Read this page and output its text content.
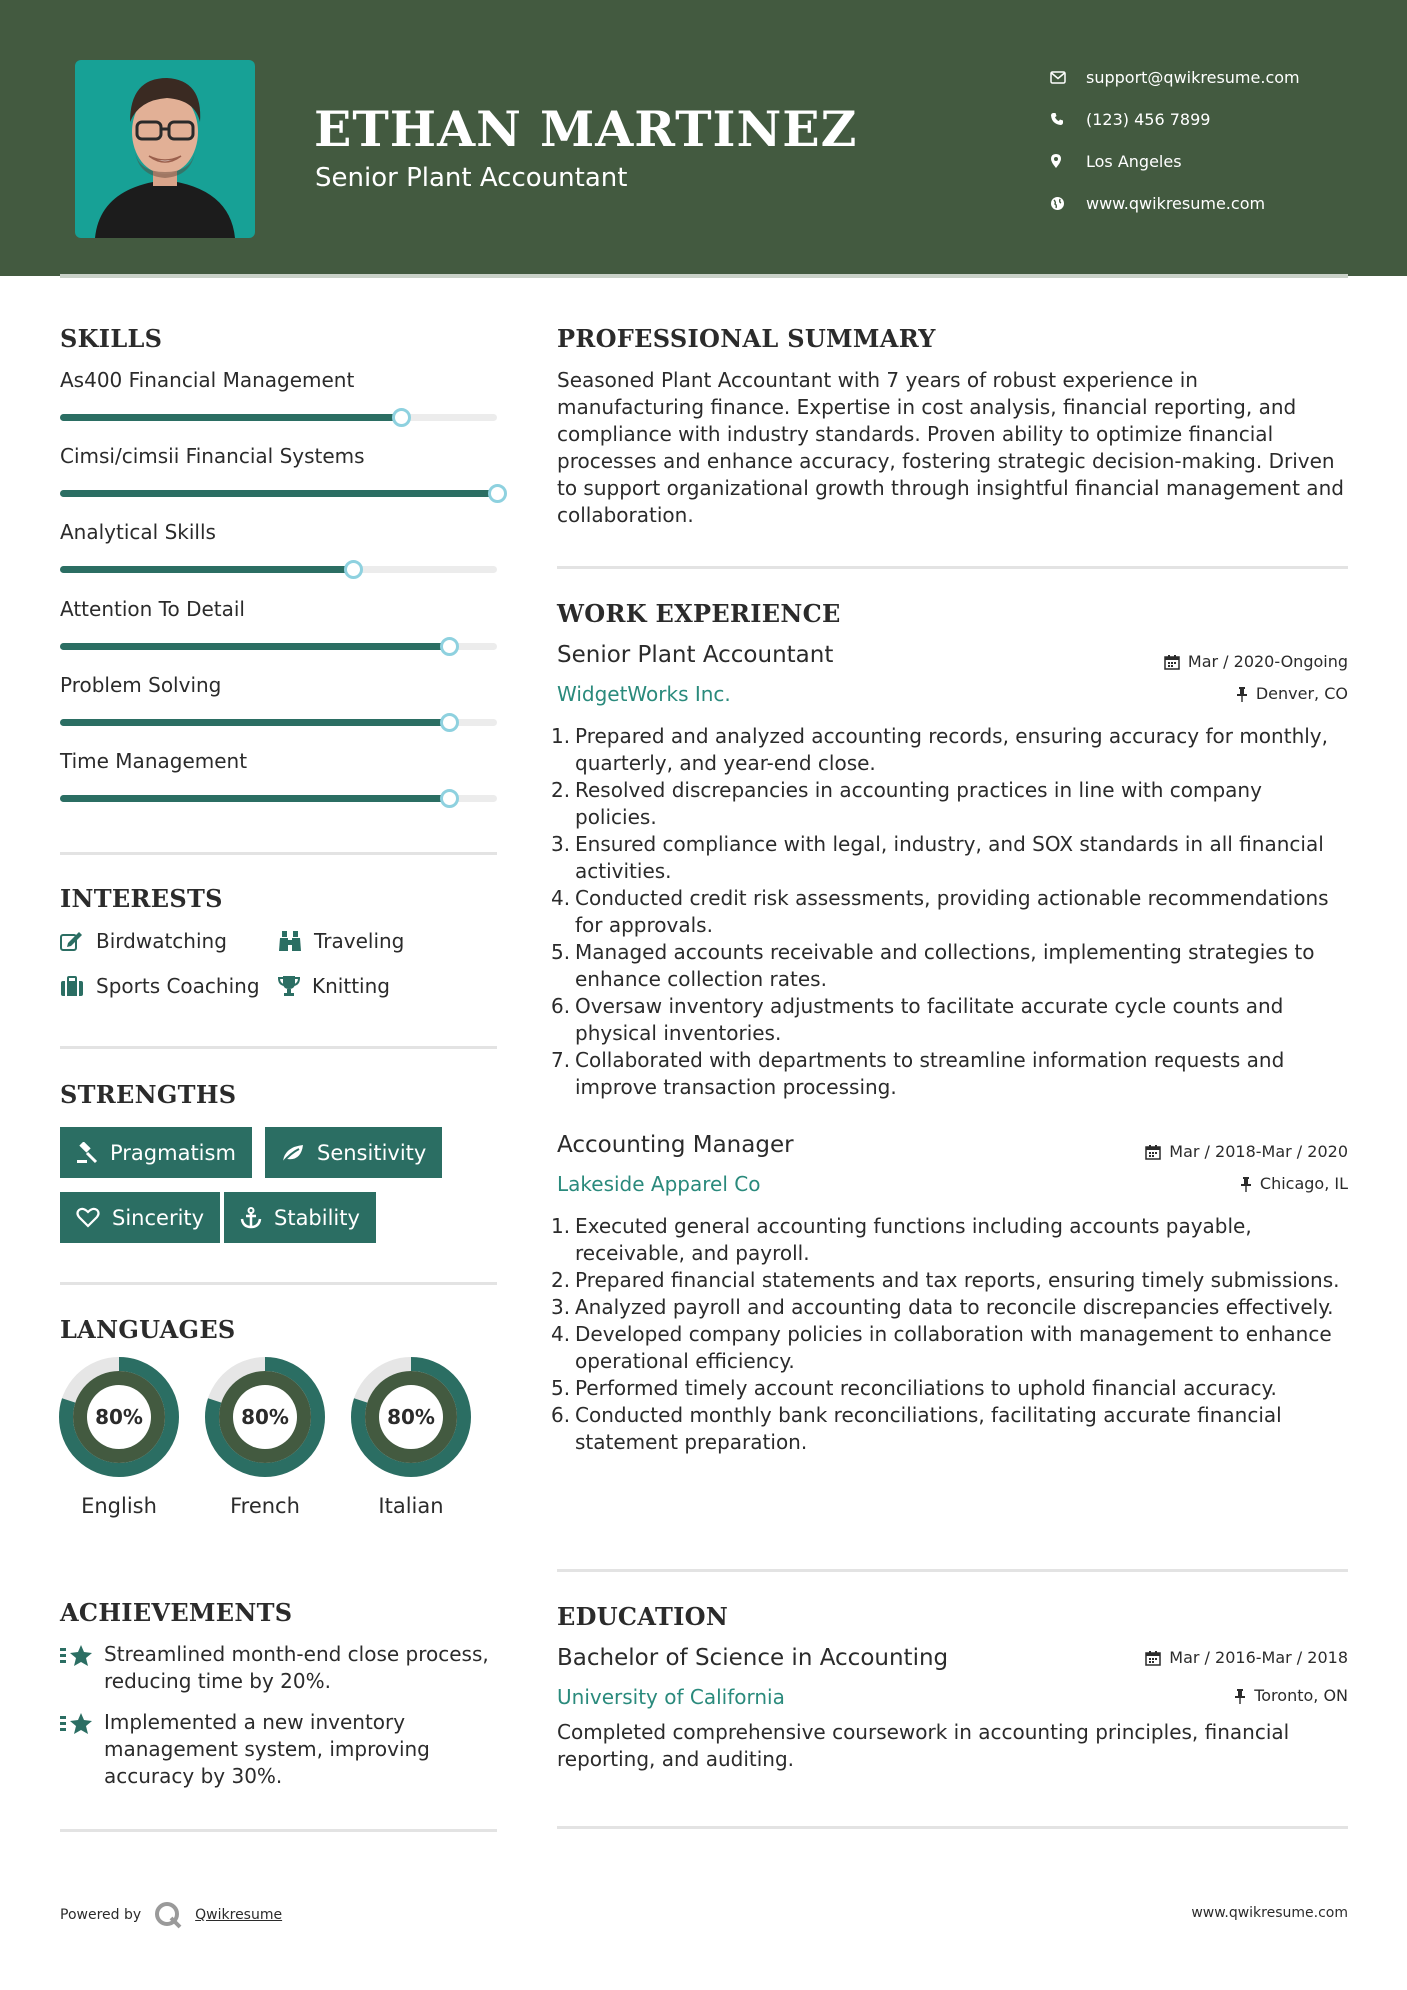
ETHAN MARTINEZ
Senior Plant Accountant
support@qwikresume.com
(123) 456 7899
Los Angeles
www.qwikresume.com
SKILLS
As400 Financial Management
Cimsi/cimsii Financial Systems
Analytical Skills
Attention To Detail
Problem Solving
Time Management
INTERESTS
Birdwatching	Traveling
Sports Coaching	Knitting
STRENGTHS
Pragmatism	Sensitivity
Sincerity	Stability
LANGUAGES
80%
English
80%
French
80%
Italian
ACHIEVEMENTS
Streamlined month-end close process, reducing time by 20%.
Implemented a new inventory management system, improving accuracy by 30%.
PROFESSIONAL SUMMARY
Seasoned Plant Accountant with 7 years of robust experience in manufacturing finance. Expertise in cost analysis, financial reporting, and compliance with industry standards. Proven ability to optimize financial processes and enhance accuracy, fostering strategic decision-making. Driven to support organizational growth through insightful financial management and collaboration.
WORK EXPERIENCE
Senior Plant Accountant	Mar / 2020-Ongoing
WidgetWorks Inc.	Denver, CO
1. Prepared and analyzed accounting records, ensuring accuracy for monthly, quarterly, and year-end close.
2. Resolved discrepancies in accounting practices in line with company policies.
3. Ensured compliance with legal, industry, and SOX standards in all financial activities.
4. Conducted credit risk assessments, providing actionable recommendations for approvals.
5. Managed accounts receivable and collections, implementing strategies to enhance collection rates.
6. Oversaw inventory adjustments to facilitate accurate cycle counts and physical inventories.
7. Collaborated with departments to streamline information requests and improve transaction processing.
Accounting Manager	Mar / 2018-Mar / 2020
Lakeside Apparel Co	Chicago, IL
1. Executed general accounting functions including accounts payable, receivable, and payroll.
2. Prepared financial statements and tax reports, ensuring timely submissions.
3. Analyzed payroll and accounting data to reconcile discrepancies effectively.
4. Developed company policies in collaboration with management to enhance operational efficiency.
5. Performed timely account reconciliations to uphold financial accuracy.
6. Conducted monthly bank reconciliations, facilitating accurate financial statement preparation.
EDUCATION
Bachelor of Science in Accounting	Mar / 2016-Mar / 2018
University of California	Toronto, ON
Completed comprehensive coursework in accounting principles, financial reporting, and auditing.
Powered by	Qwikresume	www.qwikresume.com
